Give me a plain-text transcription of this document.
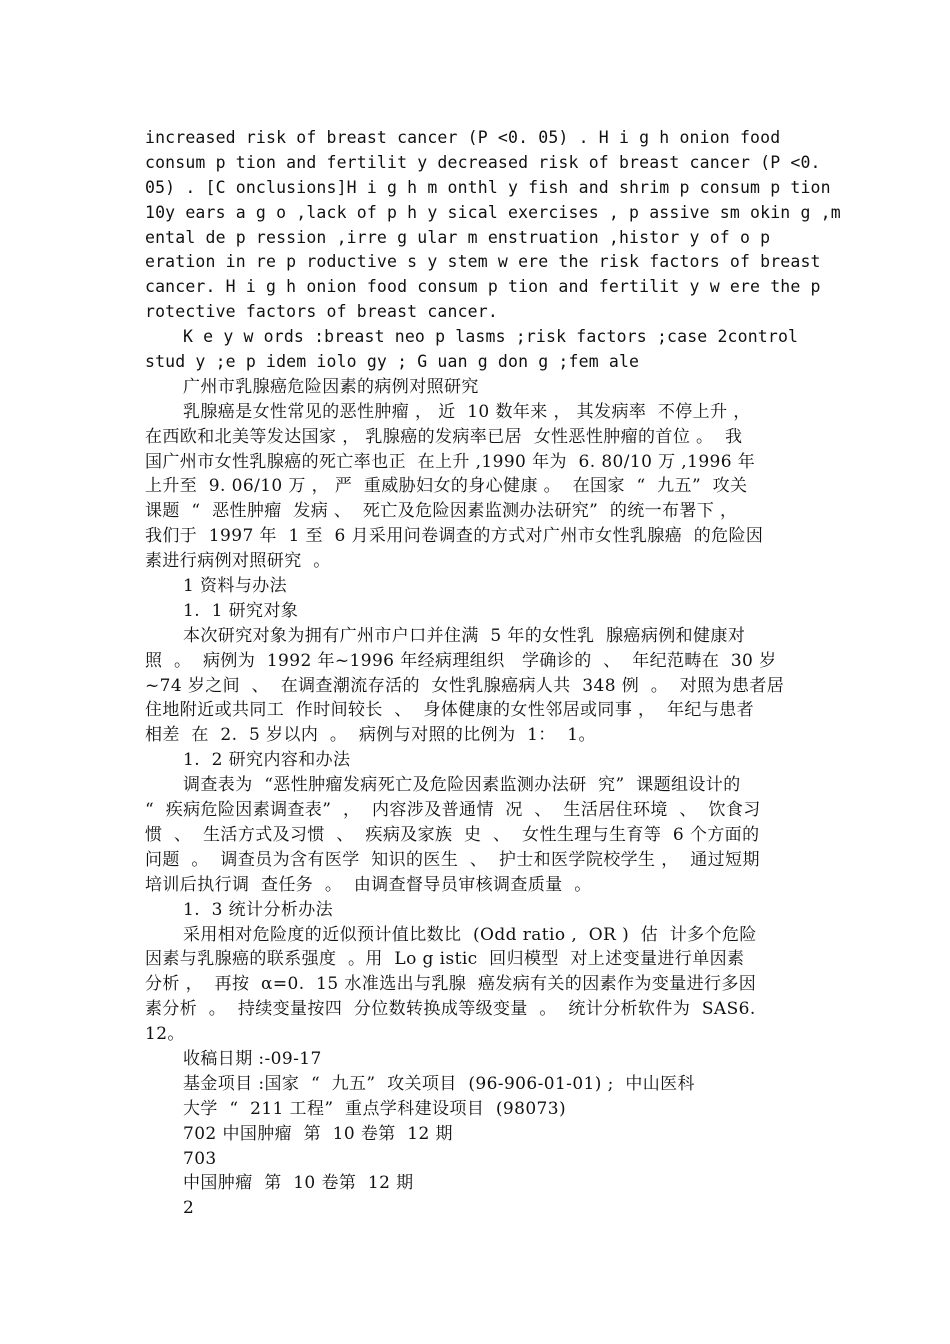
increased risk of breast cancer (P <0. 05) . H i g h onion food
consum p tion and fertilit y decreased risk of breast cancer (P <0.
05) . [C onclusions]H i g h m onthl y fish and shrim p consum p tion
10y ears a g o ,lack of p h y sical exercises , p assive sm okin g ,m
ental de p ression ,irre g ular m enstruation ,histor y of o p
eration in re p roductive s y stem w ere the risk factors of breast
cancer. H i g h onion food consum p tion and fertilit y w ere the p
rotective factors of breast cancer.
K e y w ords :breast neo p lasms ;risk factors ;case 2control
stud y ;e p idem iolo gy ; G uan g don g ;fem ale
广州市乳腺癌危险因素的病例对照研究
乳腺癌是女性常见的恶性肿瘤 ， 近  10 数年来 ， 其发病率  不停上升 ，
在西欧和北美等发达国家 ， 乳腺癌的发病率已居  女性恶性肿瘤的首位 。  我
国广州市女性乳腺癌的死亡率也正  在上升 ,1990 年为  6. 80/10 万 ,1996 年
上升至  9. 06/10 万 ， 严  重威胁妇女的身心健康 。  在国家  “  九五”  攻关
课题  “  恶性肿瘤  发病 、  死亡及危险因素监测办法研究”  的统一布署下 ，
我们于  1997 年  1 至  6 月采用问卷调查的方式对广州市女性乳腺癌  的危险因
素进行病例对照研究  。
1 资料与办法
1.  1 研究对象
本次研究对象为拥有广州市户口并住满  5 年的女性乳  腺癌病例和健康对
照  。  病例为  1992 年~1996 年经病理组织   学确诊的  、  年纪范畴在  30 岁
~74 岁之间  、  在调查潮流存活的  女性乳腺癌病人共  348 例  。  对照为患者居
住地附近或共同工  作时间较长  、  身体健康的女性邻居或同事 ，  年纪与患者
相差  在  2.  5 岁以内  。  病例与对照的比例为  1：  1。
1.  2 研究内容和办法
调查表为  “恶性肿瘤发病死亡及危险因素监测办法研  究”  课题组设计的
“  疾病危险因素调查表”  ，  内容涉及普通情  况  、  生活居住环境  、  饮食习
惯  、  生活方式及习惯  、  疾病及家族  史  、  女性生理与生育等  6 个方面的
问题  。  调查员为含有医学  知识的医生  、  护士和医学院校学生 ，  通过短期
培训后执行调  查任务  。  由调查督导员审核调查质量  。
1.  3 统计分析办法
采用相对危险度的近似预计值比数比  (Odd ratio ,  OR )  估  计多个危险
因素与乳腺癌的联系强度  。用  Lo g istic  回归模型  对上述变量进行单因素
分析 ，  再按  α=0.  15 水准选出与乳腺  癌发病有关的因素作为变量进行多因
素分析  。  持续变量按四  分位数转换成等级变量  。  统计分析软件为  SAS6.
12。
收稿日期 :-09-17
基金项目 :国家  “  九五”  攻关项目  (96-906-01-01) ;  中山医科
大学  “  211 工程”  重点学科建设项目  (98073)
702 中国肿瘤  第  10 卷第  12 期
703
中国肿瘤  第  10 卷第  12 期
2
